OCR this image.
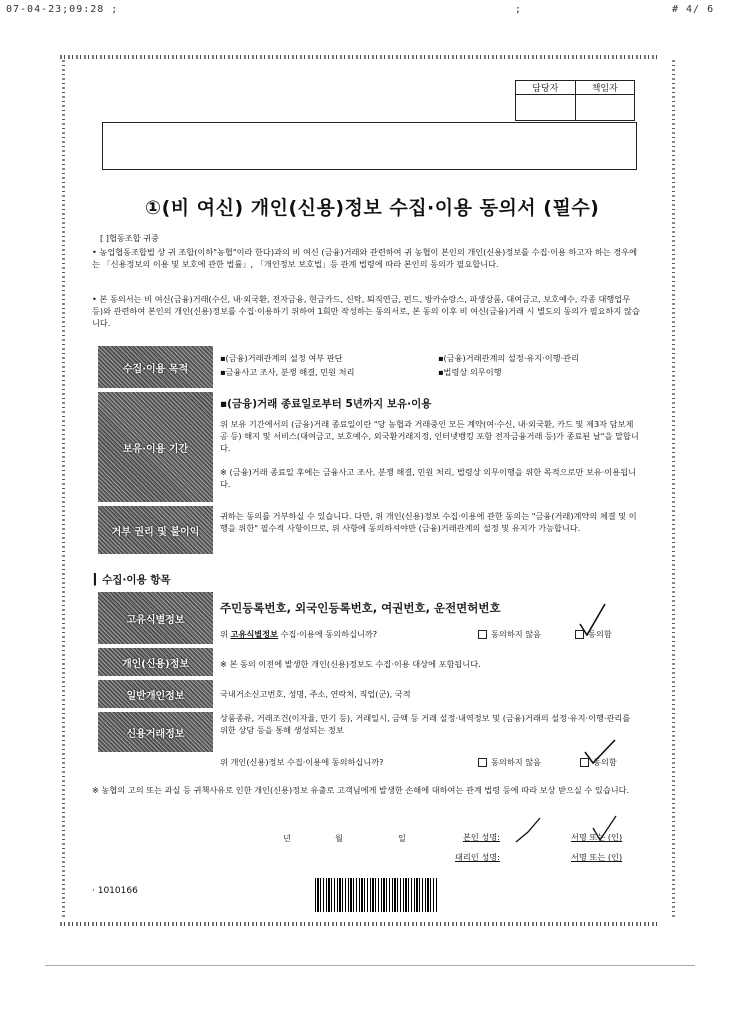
07-04-23;09:28 ;	;	# 4/ 6
담당자	책임자

①(비 여신) 개인(신용)정보 수집·이용 동의서 (필수)
[ ]협동조합 귀중
• 농업협동조합법 상 귀 조합(이하"농협"이라 한다)과의 비 여신 (금융)거래와 관련하여 귀 농협이 본인의 개인(신용)정보를 수집·이용 하고자 하는 경우에는 「신용정보의 이용 및 보호에 관한 법률」, 「개인정보 보호법」등 관계 법령에 따라 본인의 동의가 필요합니다.
• 본 동의서는 비 여신(금융)거래(수신, 내·외국환, 전자금융, 현금카드, 신탁, 퇴직연금, 펀드, 방카슈랑스, 파생상품, 대여금고, 보호예수, 각종 대행업무 등)와 관련하여 본인의 개인(신용)정보를 수집·이용하기 위하여 1회만 작성하는 동의서로, 본 동의 이후 비 여신(금융)거래 시 별도의 동의가 필요하지 않습니다.
수집·이용 목적
▪(금융)거래관계의 설정 여부 판단	▪(금융)거래관계의 설정·유지·이행·관리
▪금융사고 조사, 분쟁 해결, 민원 처리	▪법령상 의무이행
보유·이용 기간
▪(금융)거래 종료일로부터 5년까지 보유·이용
위 보유 기간에서의 (금융)거래 종료일이란 "당 농협과 거래중인 모든 계약(여·수신, 내·외국환, 카드 및 제3자 담보제공 등) 해지 및 서비스(대여금고, 보호예수, 외국환거래지정, 인터넷뱅킹 포함 전자금융거래 등)가 종료된 날"을 말합니다.
※ (금융)거래 종료일 후에는 금융사고 조사, 분쟁 해결, 민원 처리, 법령상 의무이행을 위한 목적으로만 보유·이용됩니다.
거부 권리 및 불이익
귀하는 동의를 거부하실 수 있습니다. 다만, 위 개인(신용)정보 수집·이용에 관한 동의는 "금융(거래)계약의 체결 및 이행을 위한" 필수적 사항이므로, 위 사항에 동의하셔야만 (금융)거래관계의 설정 및 유지가 가능합니다.
▎수집·이용 항목
고유식별정보
주민등록번호, 외국인등록번호, 여권번호, 운전면허번호
위 고유식별정보 수집·이용에 동의하십니까?	동의하지 않음	동의함
개인(신용)정보	※ 본 동의 이전에 발생한 개인(신용)정보도 수집·이용 대상에 포함됩니다.
일반개인정보	국내거소신고번호, 성명, 주소, 연락처, 직업(군), 국적
신용거래정보
상품종류, 거래조건(이자율, 만기 등), 거래일시, 금액 등 거래 설정·내역정보 및 (금융)거래의 설정·유지·이행·관리를 위한 상담 등을 통해 생성되는 정보
위 개인(신용)정보 수집·이용에 동의하십니까?	동의하지 않음	동의함
※ 농협의 고의 또는 과실 등 귀책사유로 인한 개인(신용)정보 유출로 고객님에게 발생한 손해에 대하여는 관계 법령 등에 따라 보상 받으실 수 있습니다.
년	월	일	본인 성명:	서명 또는 (인)
대리인 성명:	서명 또는 (인)
· 1010166
